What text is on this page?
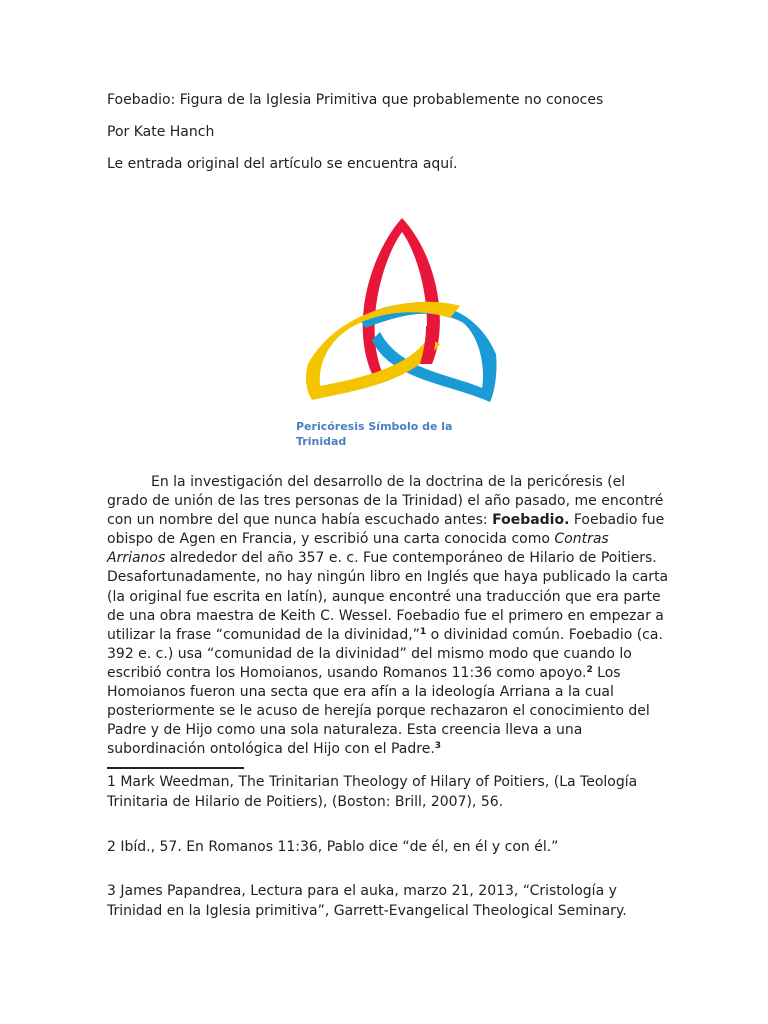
Foebadio: Figura de la Iglesia Primitiva que probablemente no conoces
Por Kate Hanch
Le entrada original del artículo se encuentra aquí.
Pericóresis Símbolo de la
Trinidad
En la investigación del desarrollo de la doctrina de la pericóresis (el
grado de unión de las tres personas de la Trinidad) el año pasado, me encontré
con un nombre del que nunca había escuchado antes: Foebadio. Foebadio fue
obispo de Agen en Francia, y escribió una carta conocida como Contras
Arrianos alrededor del año 357 e. c. Fue contemporáneo de Hilario de Poitiers.
Desafortunadamente, no hay ningún libro en Inglés que haya publicado la carta
(la original fue escrita en latín), aunque encontré una traducción que era parte
de una obra maestra de Keith C. Wessel. Foebadio fue el primero en empezar a
utilizar la frase “comunidad de la divinidad,”$^1$ o divinidad común. Foebadio (ca.
392 e. c.) usa “comunidad de la divinidad” del mismo modo que cuando lo
escribió contra los Homoianos, usando Romanos 11:36 como apoyo.$^2$ Los
Homoianos fueron una secta que era afín a la ideología Arriana a la cual
posteriormente se le acuso de herejía porque rechazaron el conocimiento del
Padre y de Hijo como una sola naturaleza. Esta creencia lleva a una
subordinación ontológica del Hijo con el Padre.$^3$
1 Mark Weedman, The Trinitarian Theology of Hilary of Poitiers, (La Teología
Trinitaria de Hilario de Poitiers), (Boston: Brill, 2007), 56.
2 Ibíd., 57. En Romanos 11:36, Pablo dice “de él, en él y con él.”
3 James Papandrea, Lectura para el auka, marzo 21, 2013, “Cristología y
Trinidad en la Iglesia primitiva”, Garrett-Evangelical Theological Seminary.
